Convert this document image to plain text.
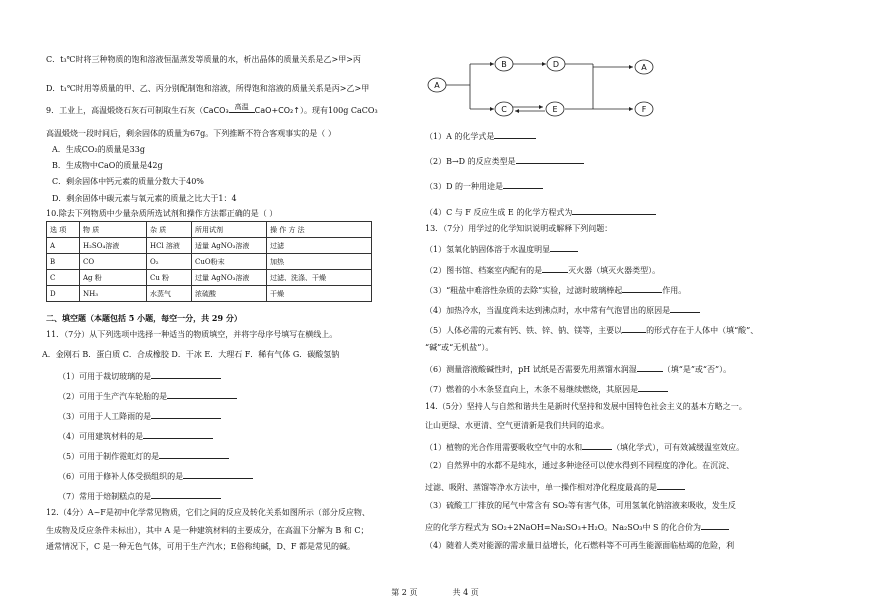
C．t₃℃时将三种物质的饱和溶液恒温蒸发等质量的水，析出晶体的质量关系是乙>甲>丙
D．t₁℃时用等质量的甲、乙、丙分别配制饱和溶液，所得饱和溶液的质量关系是丙>乙>甲
9．工业上，高温煅烧石灰石可制取生石灰（CaCO₃ 高温 CaO+CO₂↑）。现有100g CaCO₃
高温煅烧一段时间后，剩余固体的质量为67g。下列推断不符合客观事实的是（ ）
A．生成CO₂的质量是33g
B．生成物中CaO的质量是42g
C．剩余固体中钙元素的质量分数大于40%
D．剩余固体中碳元素与氧元素的质量之比大于1：4
10.除去下列物质中少量杂质所选试剂和操作方法都正确的是（ ）
选 项	物 质	杂 质	所用试剂	操 作 方 法
A	H₂SO₄溶液	HCl 溶液	适量 AgNO₃溶液	过滤
B	CO	O₂	CuO粉末	加热
C	Ag 粉	Cu 粉	过量 AgNO₃溶液	过滤、洗涤、干燥
D	NH₃	水蒸气	浓硫酸	干燥
二、填空题（本题包括 5 小题，每空一分，共 29 分）
11．（7分）从下列选项中选择一种适当的物质填空，并将字母序号填写在横线上。
A．金刚石 B．蛋白质 C．合成橡胶 D．干冰 E．大理石 F．稀有气体 G．碳酸氢钠
（1）可用于裁切玻璃的是
（2）可用于生产汽车轮胎的是
（3）可用于人工降雨的是
（4）可用建筑材料的是
（5）可用于制作霓虹灯的是
（6）可用于修补人体受损组织的是
（7）常用于焙制糕点的是
12.（4分）A~F是初中化学常见物质，它们之间的反应及转化关系如图所示（部分反应物、
生成物及反应条件未标出），其中 A 是一种建筑材料的主要成分，在高温下分解为 B 和 C；
通常情况下，C 是一种无色气体，可用于生产汽水；E俗称纯碱，D、F 都是常见的碱。
A
B	D
C	E
A
F
（1）A 的化学式是
（2）B→D 的反应类型是
（3）D 的一种用途是
（4）C 与 F 反应生成 E 的化学方程式为
13．（7分）用学过的化学知识说明或解释下列问题：
（1）氢氧化钠固体溶于水温度明显
（2）图书馆、档案室内配有的是	灭火器（填灭火器类型）。
（3）“粗盐中难溶性杂质的去除”实验，过滤时玻璃棒起	作用。
（4）加热冷水，当温度尚未达到沸点时，水中常有气泡冒出的原因是
（5）人体必需的元素有钙、铁、锌、钠、镁等，主要以	的形式存在于人体中（填“酸”、
“碱”或“无机盐”）。
（6）测量溶液酸碱性时，pH 试纸是否需要先用蒸馏水润湿	（填“是”或“否”）。
（7）燃着的小木条竖直向上，木条不易继续燃烧，其原因是
14.（5分）坚持人与自然和谐共生是新时代坚持和发展中国特色社会主义的基本方略之一。
让山更绿、水更清、空气更清新是我们共同的追求。
（1）植物的光合作用需要吸收空气中的水和	（填化学式），可有效减缓温室效应。
（2）自然界中的水都不是纯水，通过多种途径可以使水得到不同程度的净化。在沉淀、
过滤、吸附、蒸馏等净水方法中，单一操作相对净化程度最高的是
（3）硫酸工厂排放的尾气中常含有 SO₂等有害气体，可用氢氧化钠溶液来吸收，发生反
应的化学方程式为 SO₂+2NaOH=Na₂SO₃+H₂O。Na₂SO₃中 S 的化合价为
（4）随着人类对能源的需求量日益增长，化石燃料等不可再生能源面临枯竭的危险，利
第 2 页	共 4 页
